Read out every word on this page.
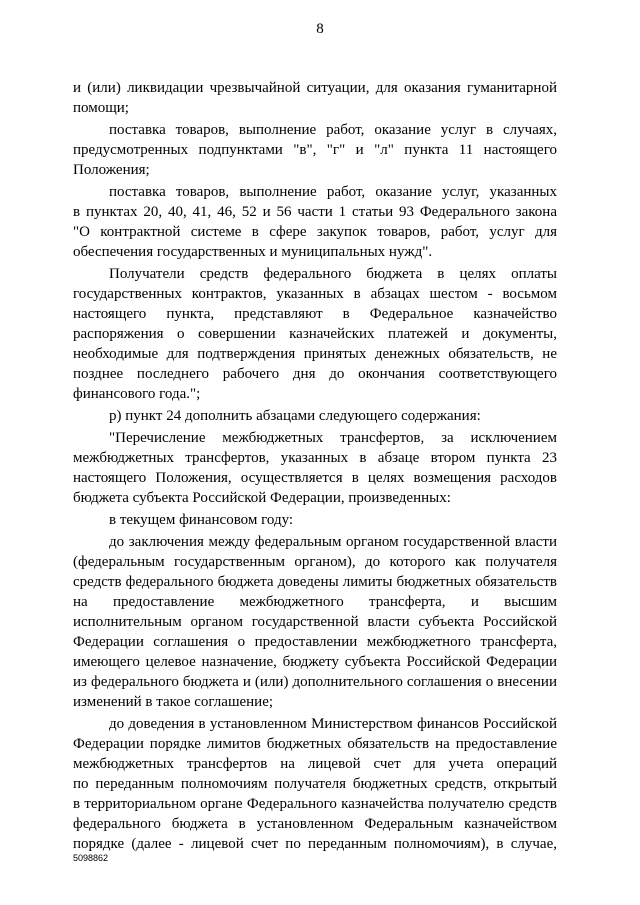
8
и (или) ликвидации чрезвычайной ситуации, для оказания гуманитарной
помощи;
поставка товаров, выполнение работ, оказание услуг в случаях,
предусмотренных подпунктами "в", "г" и "л" пункта 11 настоящего
Положения;
поставка товаров, выполнение работ, оказание услуг, указанных
в пунктах 20, 40, 41, 46, 52 и 56 части 1 статьи 93 Федерального закона
"О контрактной системе в сфере закупок товаров, работ, услуг для
обеспечения государственных и муниципальных нужд".
Получатели средств федерального бюджета в целях оплаты
государственных контрактов, указанных в абзацах шестом - восьмом
настоящего пункта, представляют в Федеральное казначейство
распоряжения о совершении казначейских платежей и документы,
необходимые для подтверждения принятых денежных обязательств, не
позднее последнего рабочего дня до окончания соответствующего
финансового года.";
р) пункт 24 дополнить абзацами следующего содержания:
"Перечисление межбюджетных трансфертов, за исключением
межбюджетных трансфертов, указанных в абзаце втором пункта 23
настоящего Положения, осуществляется в целях возмещения расходов
бюджета субъекта Российской Федерации, произведенных:
в текущем финансовом году:
до заключения между федеральным органом государственной власти
(федеральным государственным органом), до которого как получателя
средств федерального бюджета доведены лимиты бюджетных обязательств
на предоставление межбюджетного трансферта, и высшим
исполнительным органом государственной власти субъекта Российской
Федерации соглашения о предоставлении межбюджетного трансферта,
имеющего целевое назначение, бюджету субъекта Российской Федерации
из федерального бюджета и (или) дополнительного соглашения о внесении
изменений в такое соглашение;
до доведения в установленном Министерством финансов Российской
Федерации порядке лимитов бюджетных обязательств на предоставление
межбюджетных трансфертов на лицевой счет для учета операций
по переданным полномочиям получателя бюджетных средств, открытый
в территориальном органе Федерального казначейства получателю средств
федерального бюджета в установленном Федеральным казначейством
порядке (далее - лицевой счет по переданным полномочиям), в случае,
5098862
